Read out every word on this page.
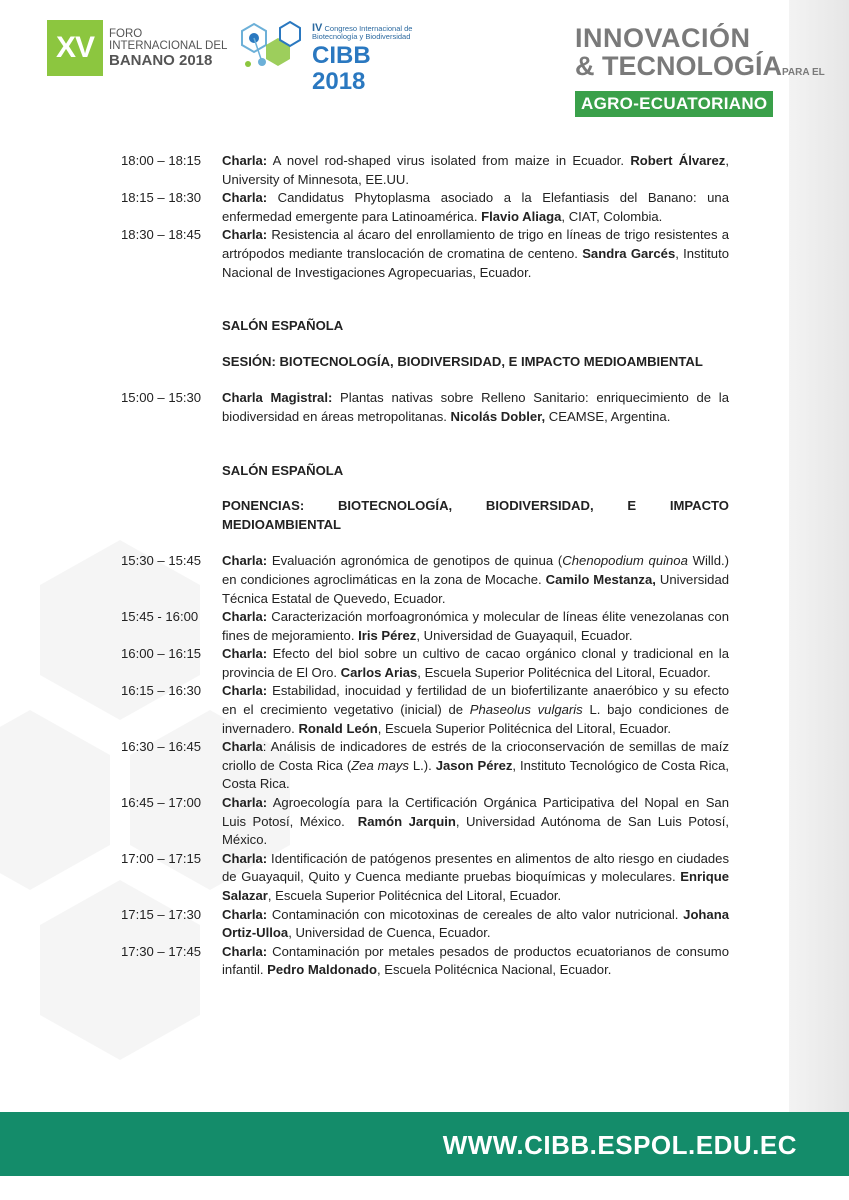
XV	FORO
INTERNACIONAL DEL
BANANO 2018
IV Congreso Internacional de Biotecnología y Biodiversidad
CIBB 2018
INNOVACIÓN
& TECNOLOGÍAPARA EL
AGRO-ECUATORIANO
18:00 – 18:15	Charla: A novel rod-shaped virus isolated from maize in Ecuador. Robert Álvarez, University of Minnesota, EE.UU.
18:15 – 18:30	Charla: Candidatus Phytoplasma asociado a la Elefantiasis del Banano: una enfermedad emergente para Latinoamérica. Flavio Aliaga, CIAT, Colombia.
18:30 – 18:45	Charla: Resistencia al ácaro del enrollamiento de trigo en líneas de trigo resistentes a artrópodos mediante translocación de cromatina de centeno. Sandra Garcés, Instituto Nacional de Investigaciones Agropecuarias, Ecuador.
SALÓN ESPAÑOLA
SESIÓN: BIOTECNOLOGÍA, BIODIVERSIDAD, E IMPACTO MEDIOAMBIENTAL
15:00 – 15:30	Charla Magistral: Plantas nativas sobre Relleno Sanitario: enriquecimiento de la biodiversidad en áreas metropolitanas. Nicolás Dobler, CEAMSE, Argentina.
SALÓN ESPAÑOLA
PONENCIAS: BIOTECNOLOGÍA, BIODIVERSIDAD, E IMPACTO
MEDIOAMBIENTAL
15:30 – 15:45	Charla: Evaluación agronómica de genotipos de quinua (Chenopodium quinoa Willd.) en condiciones agroclimáticas en la zona de Mocache. Camilo Mestanza, Universidad Técnica Estatal de Quevedo, Ecuador.
15:45 - 16:00	Charla: Caracterización morfoagronómica y molecular de líneas élite venezolanas con fines de mejoramiento. Iris Pérez, Universidad de Guayaquil, Ecuador.
16:00 – 16:15	Charla: Efecto del biol sobre un cultivo de cacao orgánico clonal y tradicional en la provincia de El Oro. Carlos Arias, Escuela Superior Politécnica del Litoral, Ecuador.
16:15 – 16:30	Charla: Estabilidad, inocuidad y fertilidad de un biofertilizante anaeróbico y su efecto en el crecimiento vegetativo (inicial) de Phaseolus vulgaris L. bajo condiciones de invernadero. Ronald León, Escuela Superior Politécnica del Litoral, Ecuador.
16:30 – 16:45	Charla: Análisis de indicadores de estrés de la crioconservación de semillas de maíz criollo de Costa Rica (Zea mays L.). Jason Pérez, Instituto Tecnológico de Costa Rica, Costa Rica.
16:45 – 17:00	Charla: Agroecología para la Certificación Orgánica Participativa del Nopal en San Luis Potosí, México.  Ramón Jarquin, Universidad Autónoma de San Luis Potosí, México.
17:00 – 17:15	Charla: Identificación de patógenos presentes en alimentos de alto riesgo en ciudades de Guayaquil, Quito y Cuenca mediante pruebas bioquímicas y moleculares. Enrique Salazar, Escuela Superior Politécnica del Litoral, Ecuador.
17:15 – 17:30	Charla: Contaminación con micotoxinas de cereales de alto valor nutricional. Johana Ortiz-Ulloa, Universidad de Cuenca, Ecuador.
17:30 – 17:45	Charla: Contaminación por metales pesados de productos ecuatorianos de consumo infantil. Pedro Maldonado, Escuela Politécnica Nacional, Ecuador.
WWW.CIBB.ESPOL.EDU.EC
